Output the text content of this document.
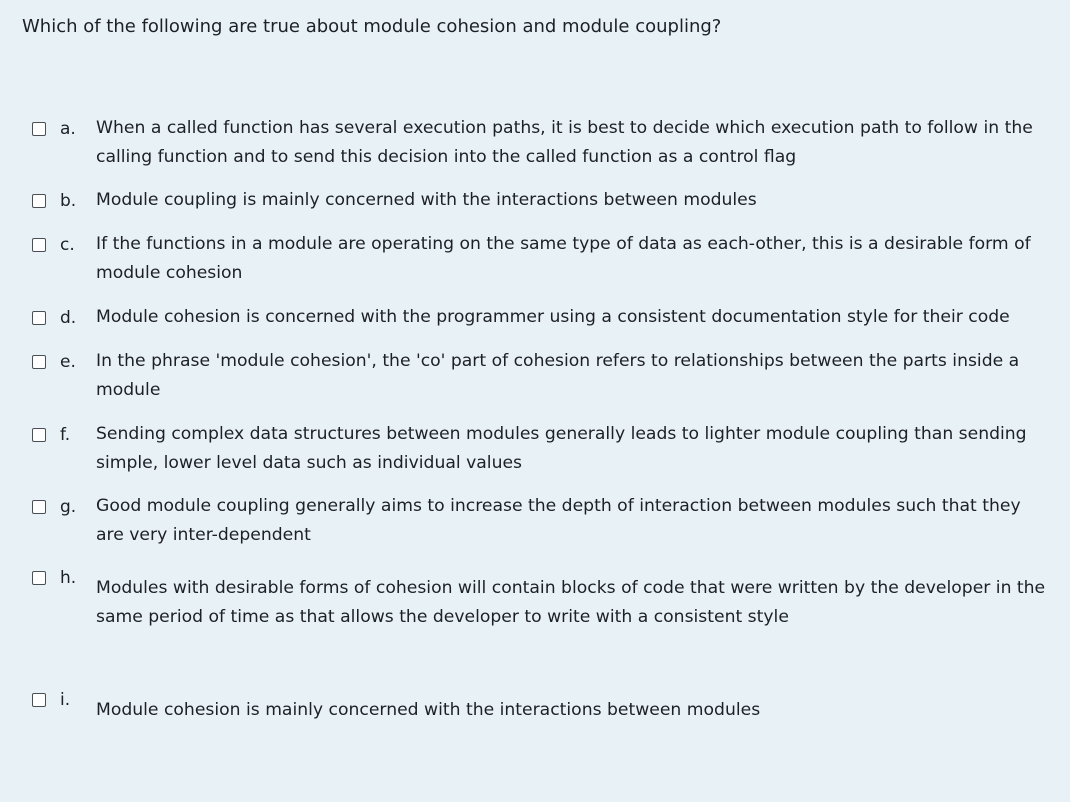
Which of the following are true about module cohesion and module coupling?
a. When a called function has several execution paths, it is best to decide which execution path to follow in the calling function and to send this decision into the called function as a control flag
b. Module coupling is mainly concerned with the interactions between modules
c. If the functions in a module are operating on the same type of data as each-other, this is a desirable form of module cohesion
d. Module cohesion is concerned with the programmer using a consistent documentation style for their code
e. In the phrase 'module cohesion', the 'co' part of cohesion refers to relationships between the parts inside a module
f. Sending complex data structures between modules generally leads to lighter module coupling than sending simple, lower level data such as individual values
g. Good module coupling generally aims to increase the depth of interaction between modules such that they are very inter-dependent
h. Modules with desirable forms of cohesion will contain blocks of code that were written by the developer in the same period of time as that allows the developer to write with a consistent style
i. Module cohesion is mainly concerned with the interactions between modules
